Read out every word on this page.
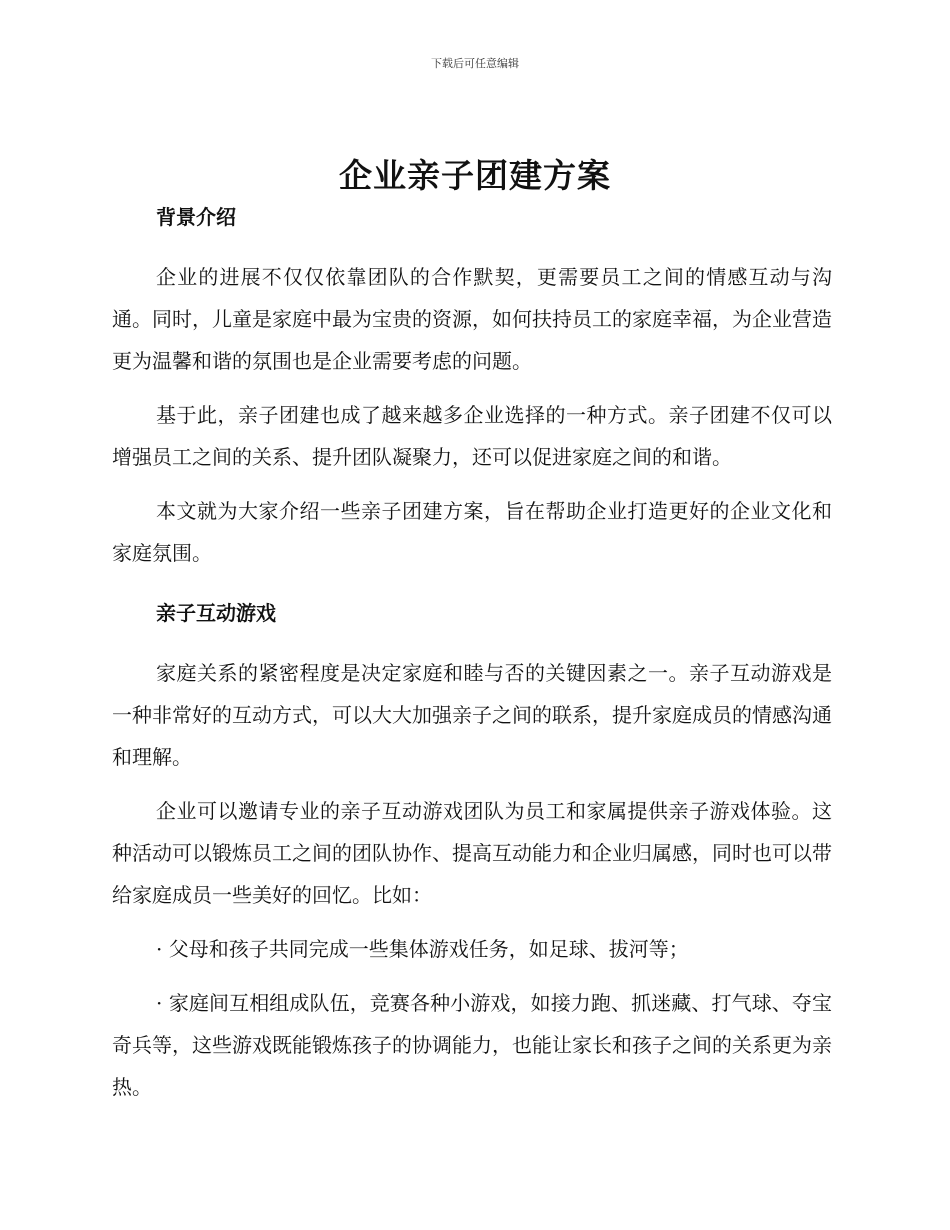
下载后可任意编辑
企业亲子团建方案

背景介绍

企业的进展不仅仅依靠团队的合作默契，更需要员工之间的情感互动与沟通。同时，儿童是家庭中最为宝贵的资源，如何扶持员工的家庭幸福，为企业营造更为温馨和谐的氛围也是企业需要考虑的问题。

基于此，亲子团建也成了越来越多企业选择的一种方式。亲子团建不仅可以增强员工之间的关系、提升团队凝聚力，还可以促进家庭之间的和谐。

本文就为大家介绍一些亲子团建方案，旨在帮助企业打造更好的企业文化和家庭氛围。

亲子互动游戏

家庭关系的紧密程度是决定家庭和睦与否的关键因素之一。亲子互动游戏是一种非常好的互动方式，可以大大加强亲子之间的联系，提升家庭成员的情感沟通和理解。

企业可以邀请专业的亲子互动游戏团队为员工和家属提供亲子游戏体验。这种活动可以锻炼员工之间的团队协作、提高互动能力和企业归属感，同时也可以带给家庭成员一些美好的回忆。比如：

· 父母和孩子共同完成一些集体游戏任务，如足球、拔河等；

· 家庭间互相组成队伍，竞赛各种小游戏，如接力跑、抓迷藏、打气球、夺宝奇兵等，这些游戏既能锻炼孩子的协调能力，也能让家长和孩子之间的关系更为亲热。
